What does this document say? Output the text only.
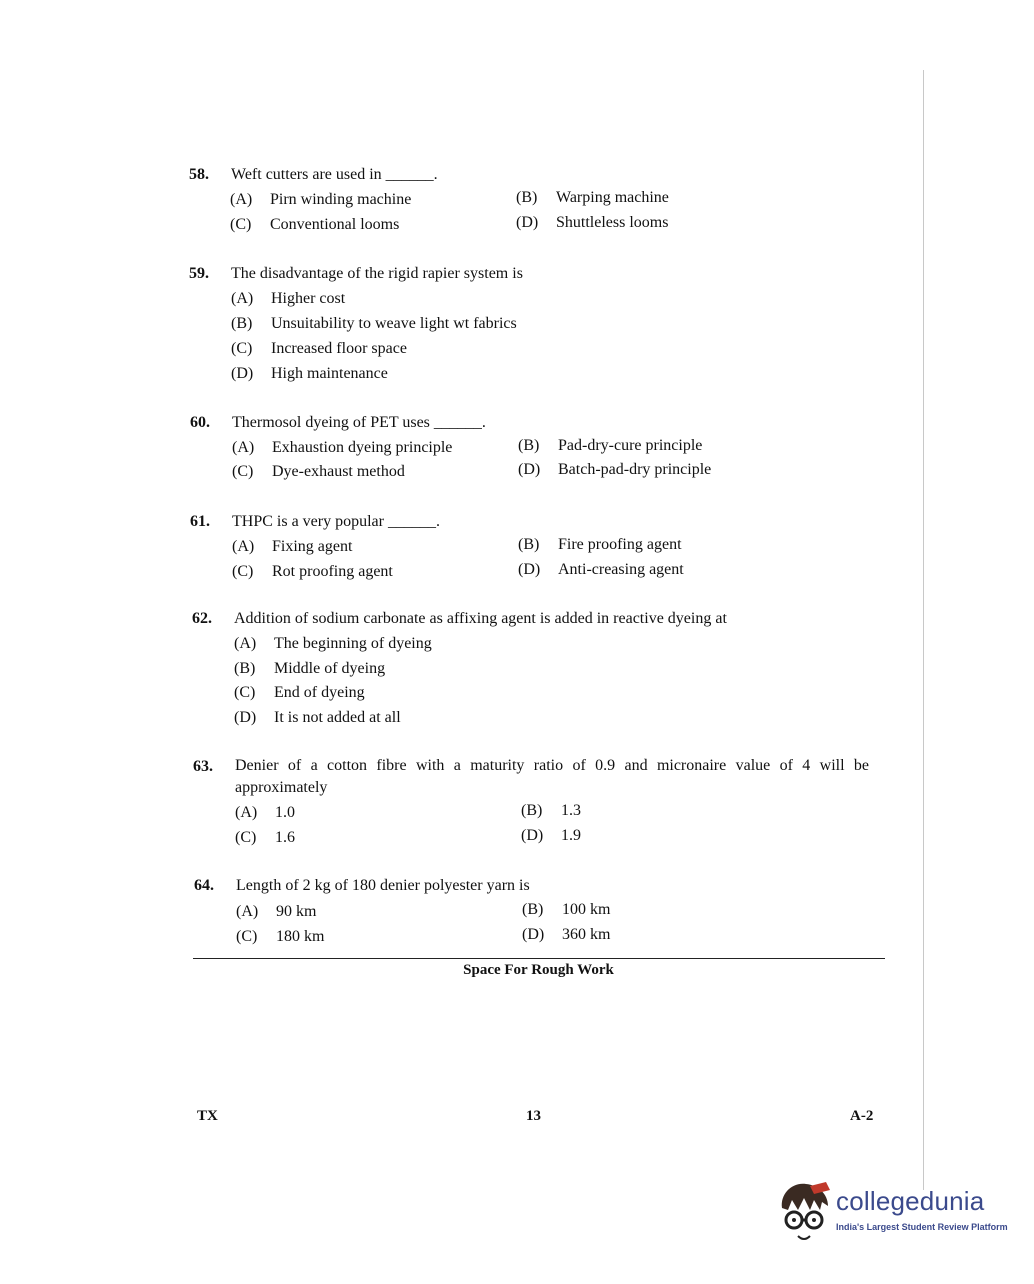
58. Weft cutters are used in ______.
(A) Pirn winding machine	(B) Warping machine
(C) Conventional looms	(D) Shuttleless looms
59. The disadvantage of the rigid rapier system is
(A) Higher cost
(B) Unsuitability to weave light wt fabrics
(C) Increased floor space
(D) High maintenance
60. Thermosol dyeing of PET uses ______.
(A) Exhaustion dyeing principle	(B) Pad-dry-cure principle
(C) Dye-exhaust method	(D) Batch-pad-dry principle
61. THPC is a very popular ______.
(A) Fixing agent	(B) Fire proofing agent
(C) Rot proofing agent	(D) Anti-creasing agent
62. Addition of sodium carbonate as affixing agent is added in reactive dyeing at
(A) The beginning of dyeing
(B) Middle of dyeing
(C) End of dyeing
(D) It is not added at all
63. Denier of a cotton fibre with a maturity ratio of 0.9 and micronaire value of 4 will be approximately
(A) 1.0	(B) 1.3
(C) 1.6	(D) 1.9
64. Length of 2 kg of 180 denier polyester yarn is
(A) 90 km	(B) 100 km
(C) 180 km	(D) 360 km
Space For Rough Work
TX	13	A-2
collegedunia
India's Largest Student Review Platform
